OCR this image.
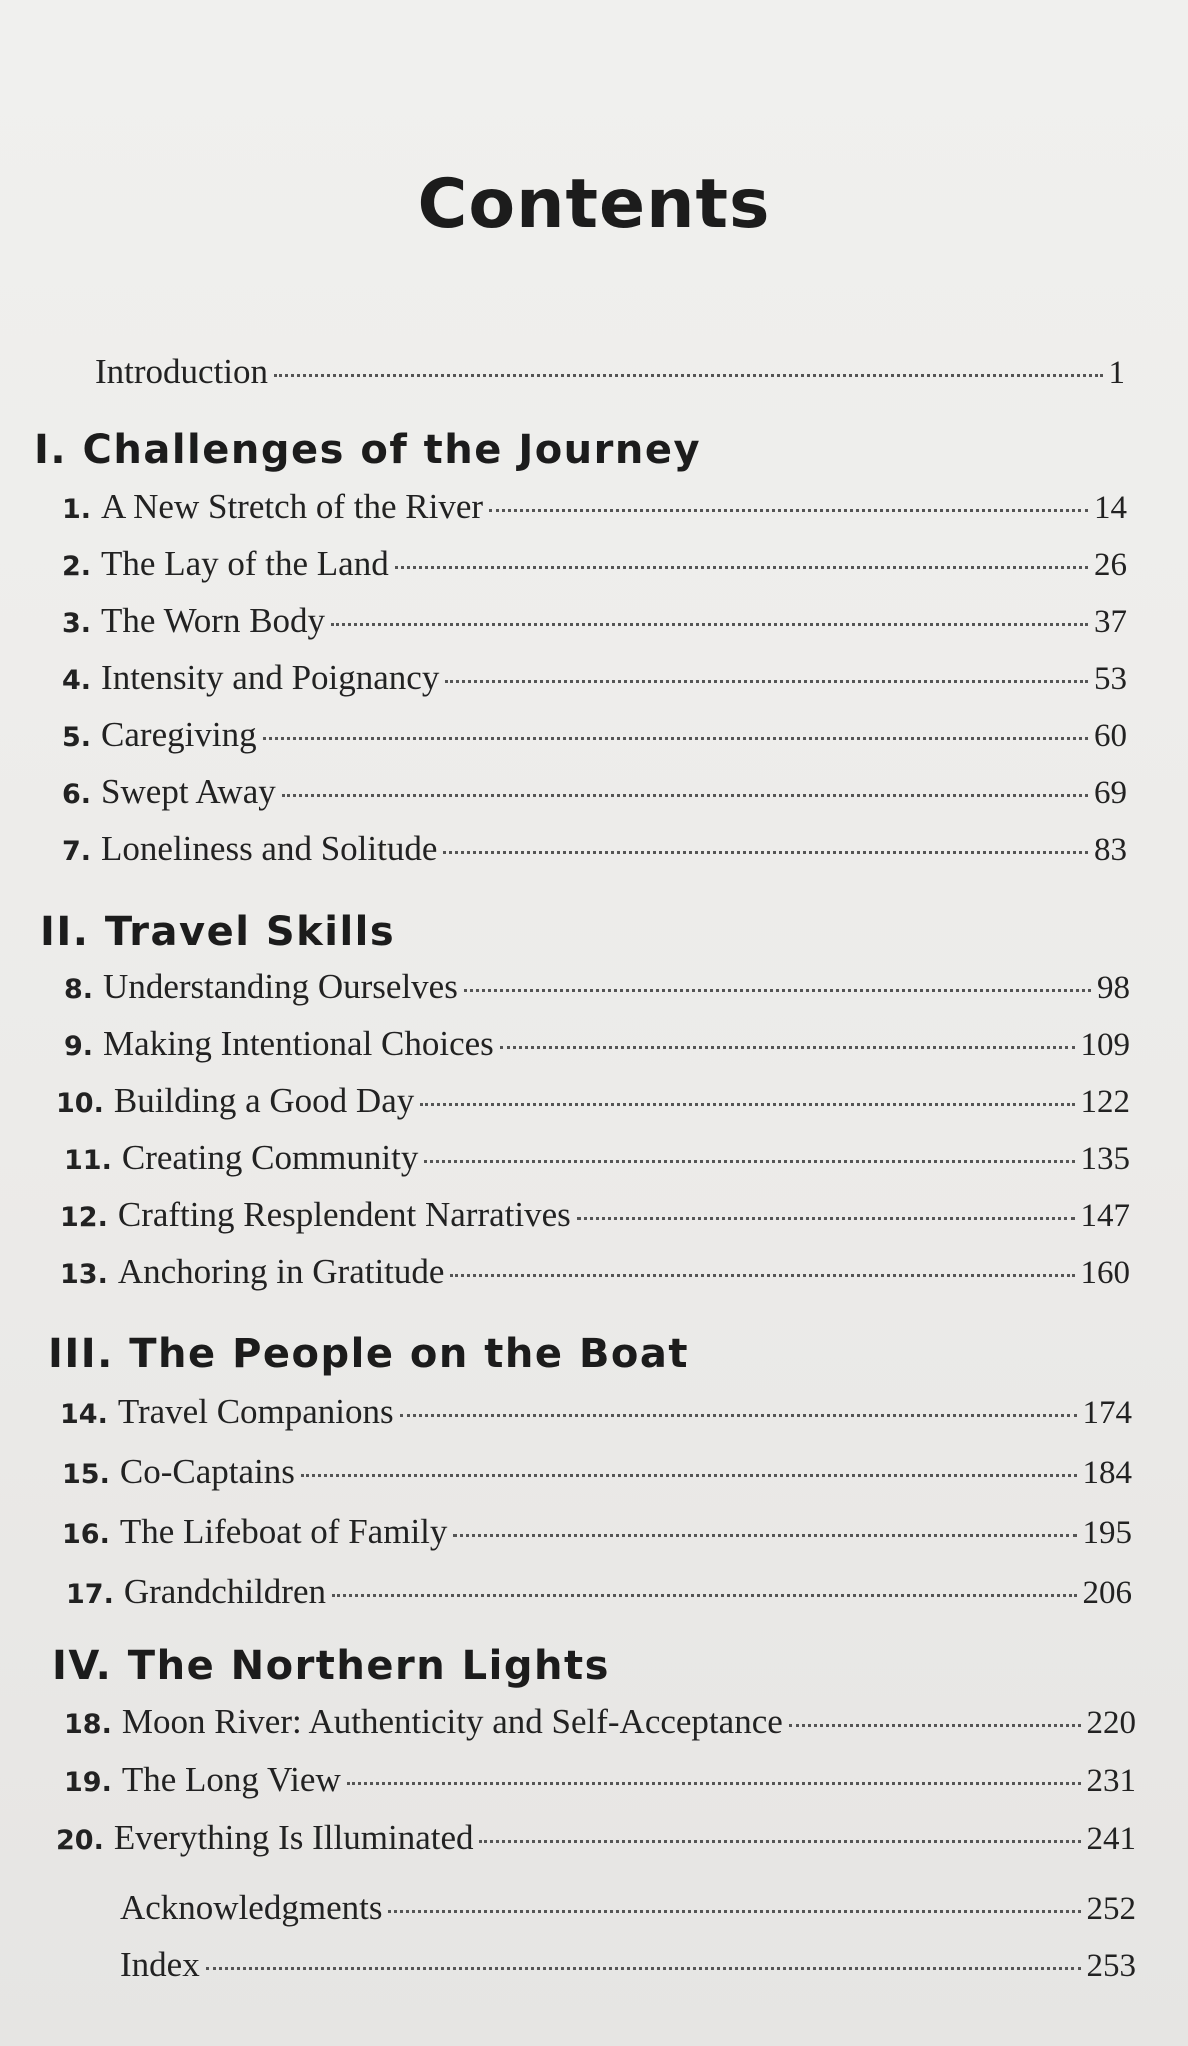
Contents
Introduction	1
I. Challenges of the Journey
1. A New Stretch of the River	14
2. The Lay of the Land	26
3. The Worn Body	37
4. Intensity and Poignancy	53
5. Caregiving	60
6. Swept Away	69
7. Loneliness and Solitude	83
II. Travel Skills
8. Understanding Ourselves	98
9. Making Intentional Choices	109
10. Building a Good Day	122
11. Creating Community	135
12. Crafting Resplendent Narratives	147
13. Anchoring in Gratitude	160
III. The People on the Boat
14. Travel Companions	174
15. Co-Captains	184
16. The Lifeboat of Family	195
17. Grandchildren	206
IV. The Northern Lights
18. Moon River: Authenticity and Self-Acceptance	220
19. The Long View	231
20. Everything Is Illuminated	241
Acknowledgments	252
Index	253
